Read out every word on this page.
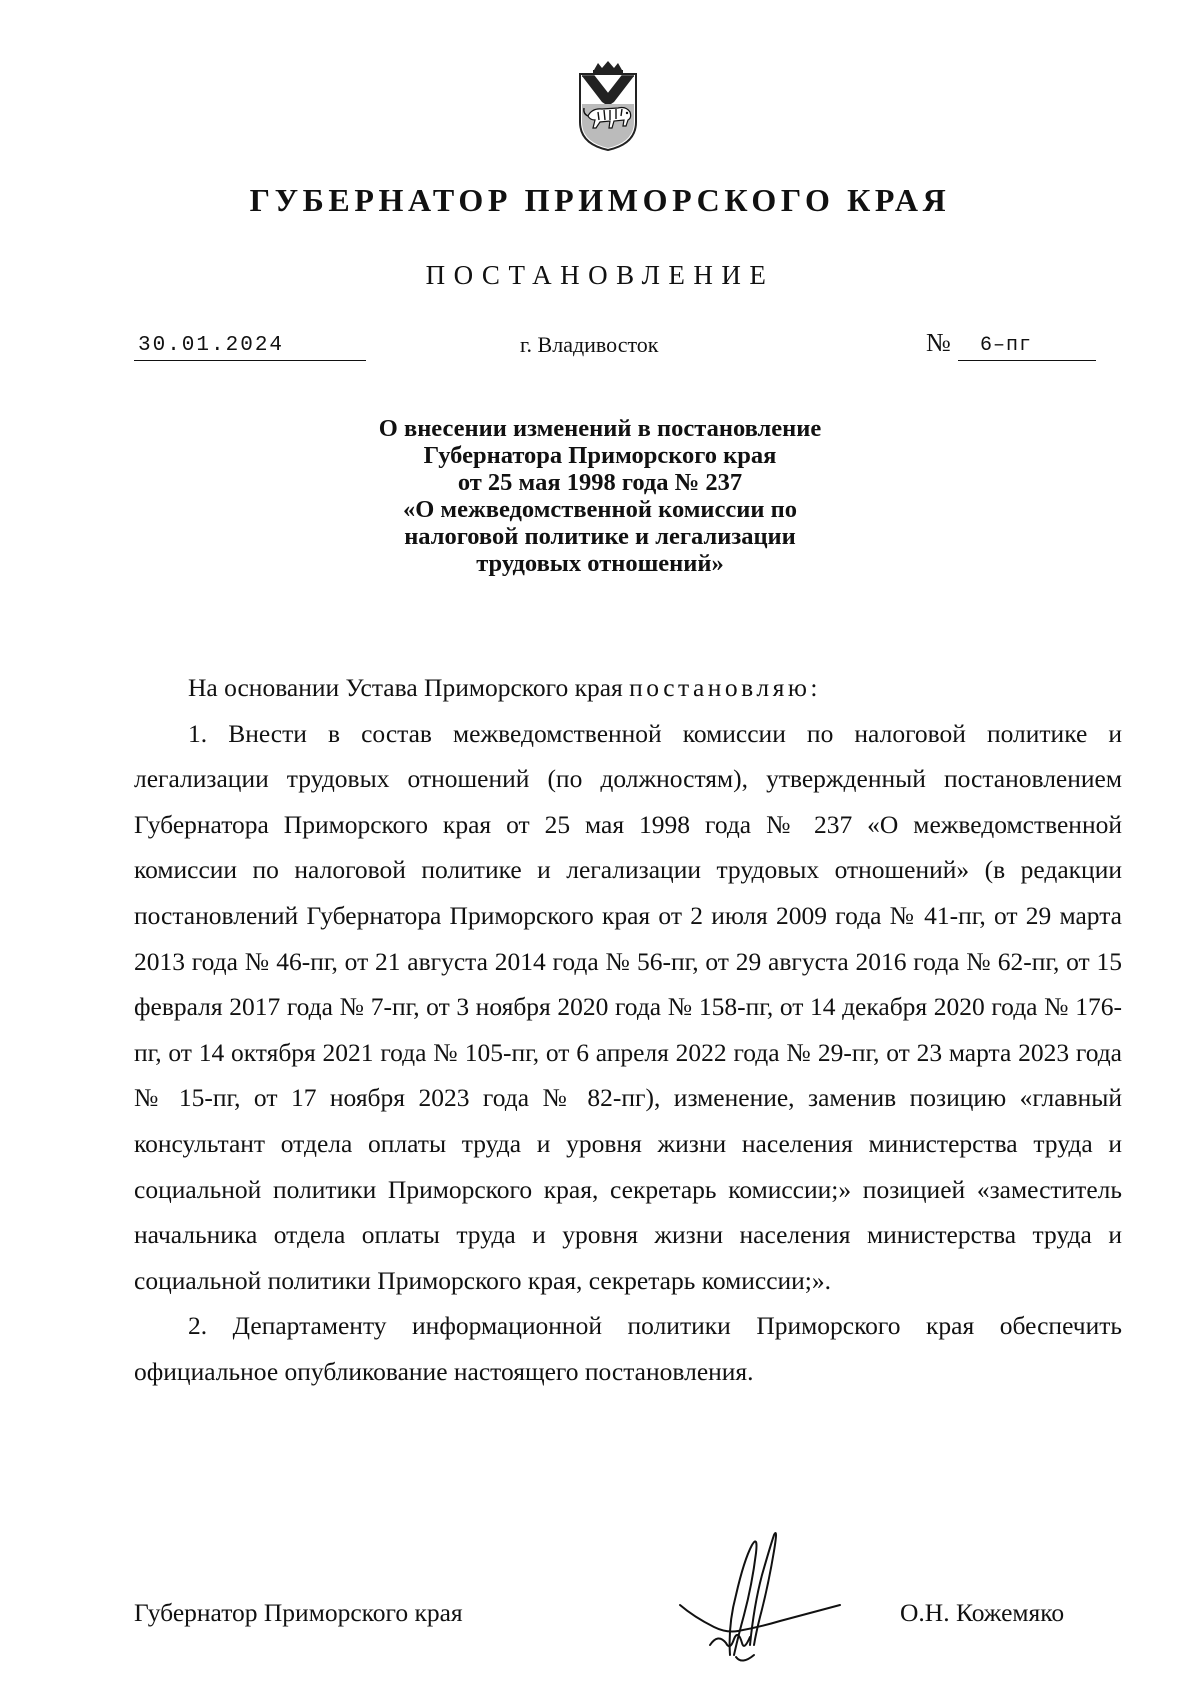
ГУБЕРНАТОР ПРИМОРСКОГО КРАЯ
ПОСТАНОВЛЕНИЕ
30.01.2024	г. Владивосток	№	6–пг
О внесении изменений в постановление
Губернатора Приморского края
от 25 мая 1998 года № 237
«О межведомственной комиссии по
налоговой политике и легализации
трудовых отношений»
На основании Устава Приморского края постановляю:

1. Внести в состав межведомственной комиссии по налоговой политике и легализации трудовых отношений (по должностям), утвержденный постановлением Губернатора Приморского края от 25 мая 1998 года № 237 «О межведомственной комиссии по налоговой политике и легализации трудовых отношений» (в редакции постановлений Губернатора Приморского края от 2 июля 2009 года № 41-пг, от 29 марта 2013 года № 46-пг, от 21 августа 2014 года № 56-пг, от 29 августа 2016 года № 62-пг, от 15 февраля 2017 года № 7-пг, от 3 ноября 2020 года № 158-пг, от 14 декабря 2020 года № 176-пг, от 14 октября 2021 года № 105-пг, от 6 апреля 2022 года № 29-пг, от 23 марта 2023 года № 15-пг, от 17 ноября 2023 года № 82-пг), изменение, заменив позицию «главный консультант отдела оплаты труда и уровня жизни населения министерства труда и социальной политики Приморского края, секретарь комиссии;» позицией «заместитель начальника отдела оплаты труда и уровня жизни населения министерства труда и социальной политики Приморского края, секретарь комиссии;».

2. Департаменту информационной политики Приморского края обеспечить официальное опубликование настоящего постановления.

Губернатор Приморского края	О.Н. Кожемяко
